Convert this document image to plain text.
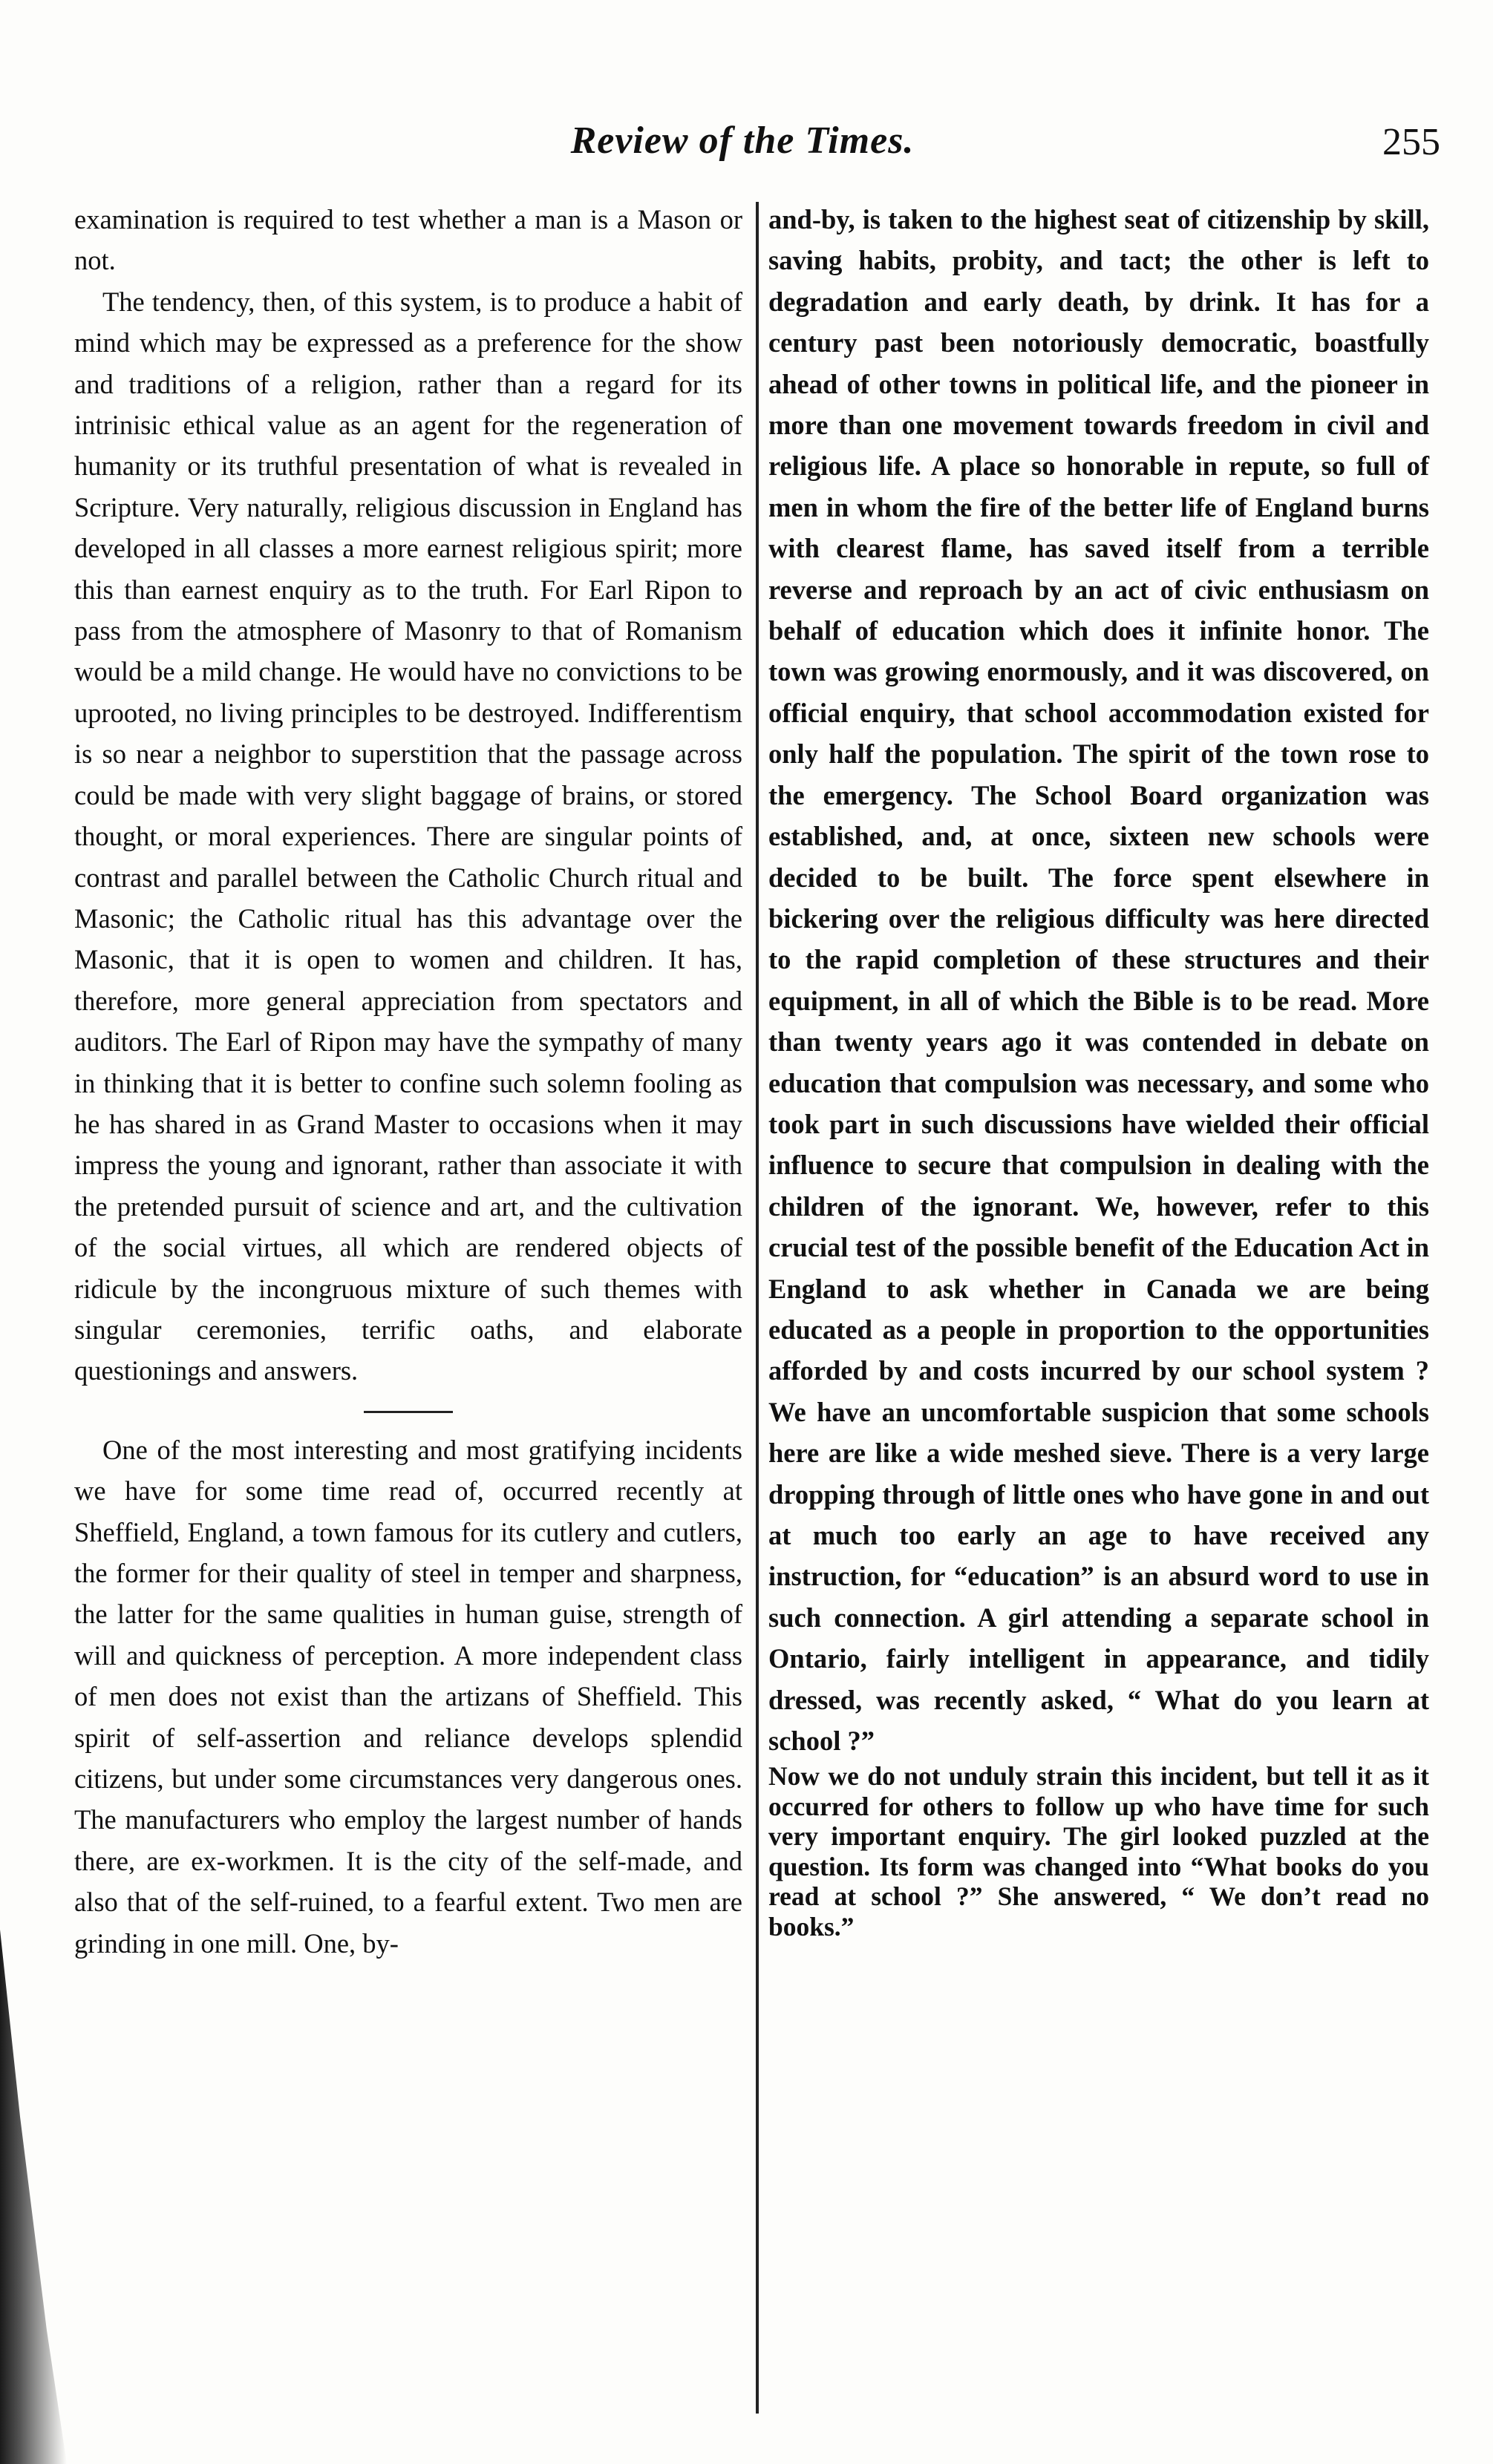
Review of the Times.	255

examination is required to test whether a man is a Mason or not.

The tendency, then, of this system, is to produce a habit of mind which may be expressed as a preference for the show and traditions of a religion, rather than a regard for its intrinisic ethical value as an agent for the regeneration of humanity or its truthful presentation of what is revealed in Scripture. Very naturally, religious discussion in England has developed in all classes a more earnest religious spirit; more this than earnest enquiry as to the truth. For Earl Ripon to pass from the atmosphere of Masonry to that of Romanism would be a mild change. He would have no convictions to be uprooted, no living principles to be destroyed. Indifferentism is so near a neighbor to superstition that the passage across could be made with very slight baggage of brains, or stored thought, or moral experiences. There are singular points of contrast and parallel between the Catholic Church ritual and Masonic; the Catholic ritual has this advantage over the Masonic, that it is open to women and children. It has, therefore, more general appreciation from spectators and auditors. The Earl of Ripon may have the sympathy of many in thinking that it is better to confine such solemn fooling as he has shared in as Grand Master to occasions when it may impress the young and ignorant, rather than associate it with the pretended pursuit of science and art, and the cultivation of the social virtues, all which are rendered objects of ridicule by the incongruous mixture of such themes with singular ceremonies, terrific oaths, and elaborate questionings and answers.

One of the most interesting and most gratifying incidents we have for some time read of, occurred recently at Sheffield, England, a town famous for its cutlery and cutlers, the former for their quality of steel in temper and sharpness, the latter for the same qualities in human guise, strength of will and quickness of perception. A more independent class of men does not exist than the artizans of Sheffield. This spirit of self-assertion and reliance develops splendid citizens, but under some circumstances very dangerous ones. The manufacturers who employ the largest number of hands there, are ex-workmen. It is the city of the self-made, and also that of the self-ruined, to a fearful extent. Two men are grinding in one mill. One, by-

and-by, is taken to the highest seat of citizenship by skill, saving habits, probity, and tact; the other is left to degradation and early death, by drink. It has for a century past been notoriously democratic, boastfully ahead of other towns in political life, and the pioneer in more than one movement towards freedom in civil and religious life. A place so honorable in repute, so full of men in whom the fire of the better life of England burns with clearest flame, has saved itself from a terrible reverse and reproach by an act of civic enthusiasm on behalf of education which does it infinite honor. The town was growing enormously, and it was discovered, on official enquiry, that school accommodation existed for only half the population. The spirit of the town rose to the emergency. The School Board organization was established, and, at once, sixteen new schools were decided to be built. The force spent elsewhere in bickering over the religious difficulty was here directed to the rapid completion of these structures and their equipment, in all of which the Bible is to be read. More than twenty years ago it was contended in debate on education that compulsion was necessary, and some who took part in such discussions have wielded their official influence to secure that compulsion in dealing with the children of the ignorant. We, however, refer to this crucial test of the possible benefit of the Education Act in England to ask whether in Canada we are being educated as a people in proportion to the opportunities afforded by and costs incurred by our school system ? We have an uncomfortable suspicion that some schools here are like a wide meshed sieve. There is a very large dropping through of little ones who have gone in and out at much too early an age to have received any instruction, for “education” is an absurd word to use in such connection. A girl attending a separate school in Ontario, fairly intelligent in appearance, and tidily dressed, was recently asked, “ What do you learn at school ?”

Now we do not unduly strain this incident, but tell it as it occurred for others to follow up who have time for such very important enquiry. The girl looked puzzled at the question. Its form was changed into “What books do you read at school ?” She answered, “ We don’t read no books.”
